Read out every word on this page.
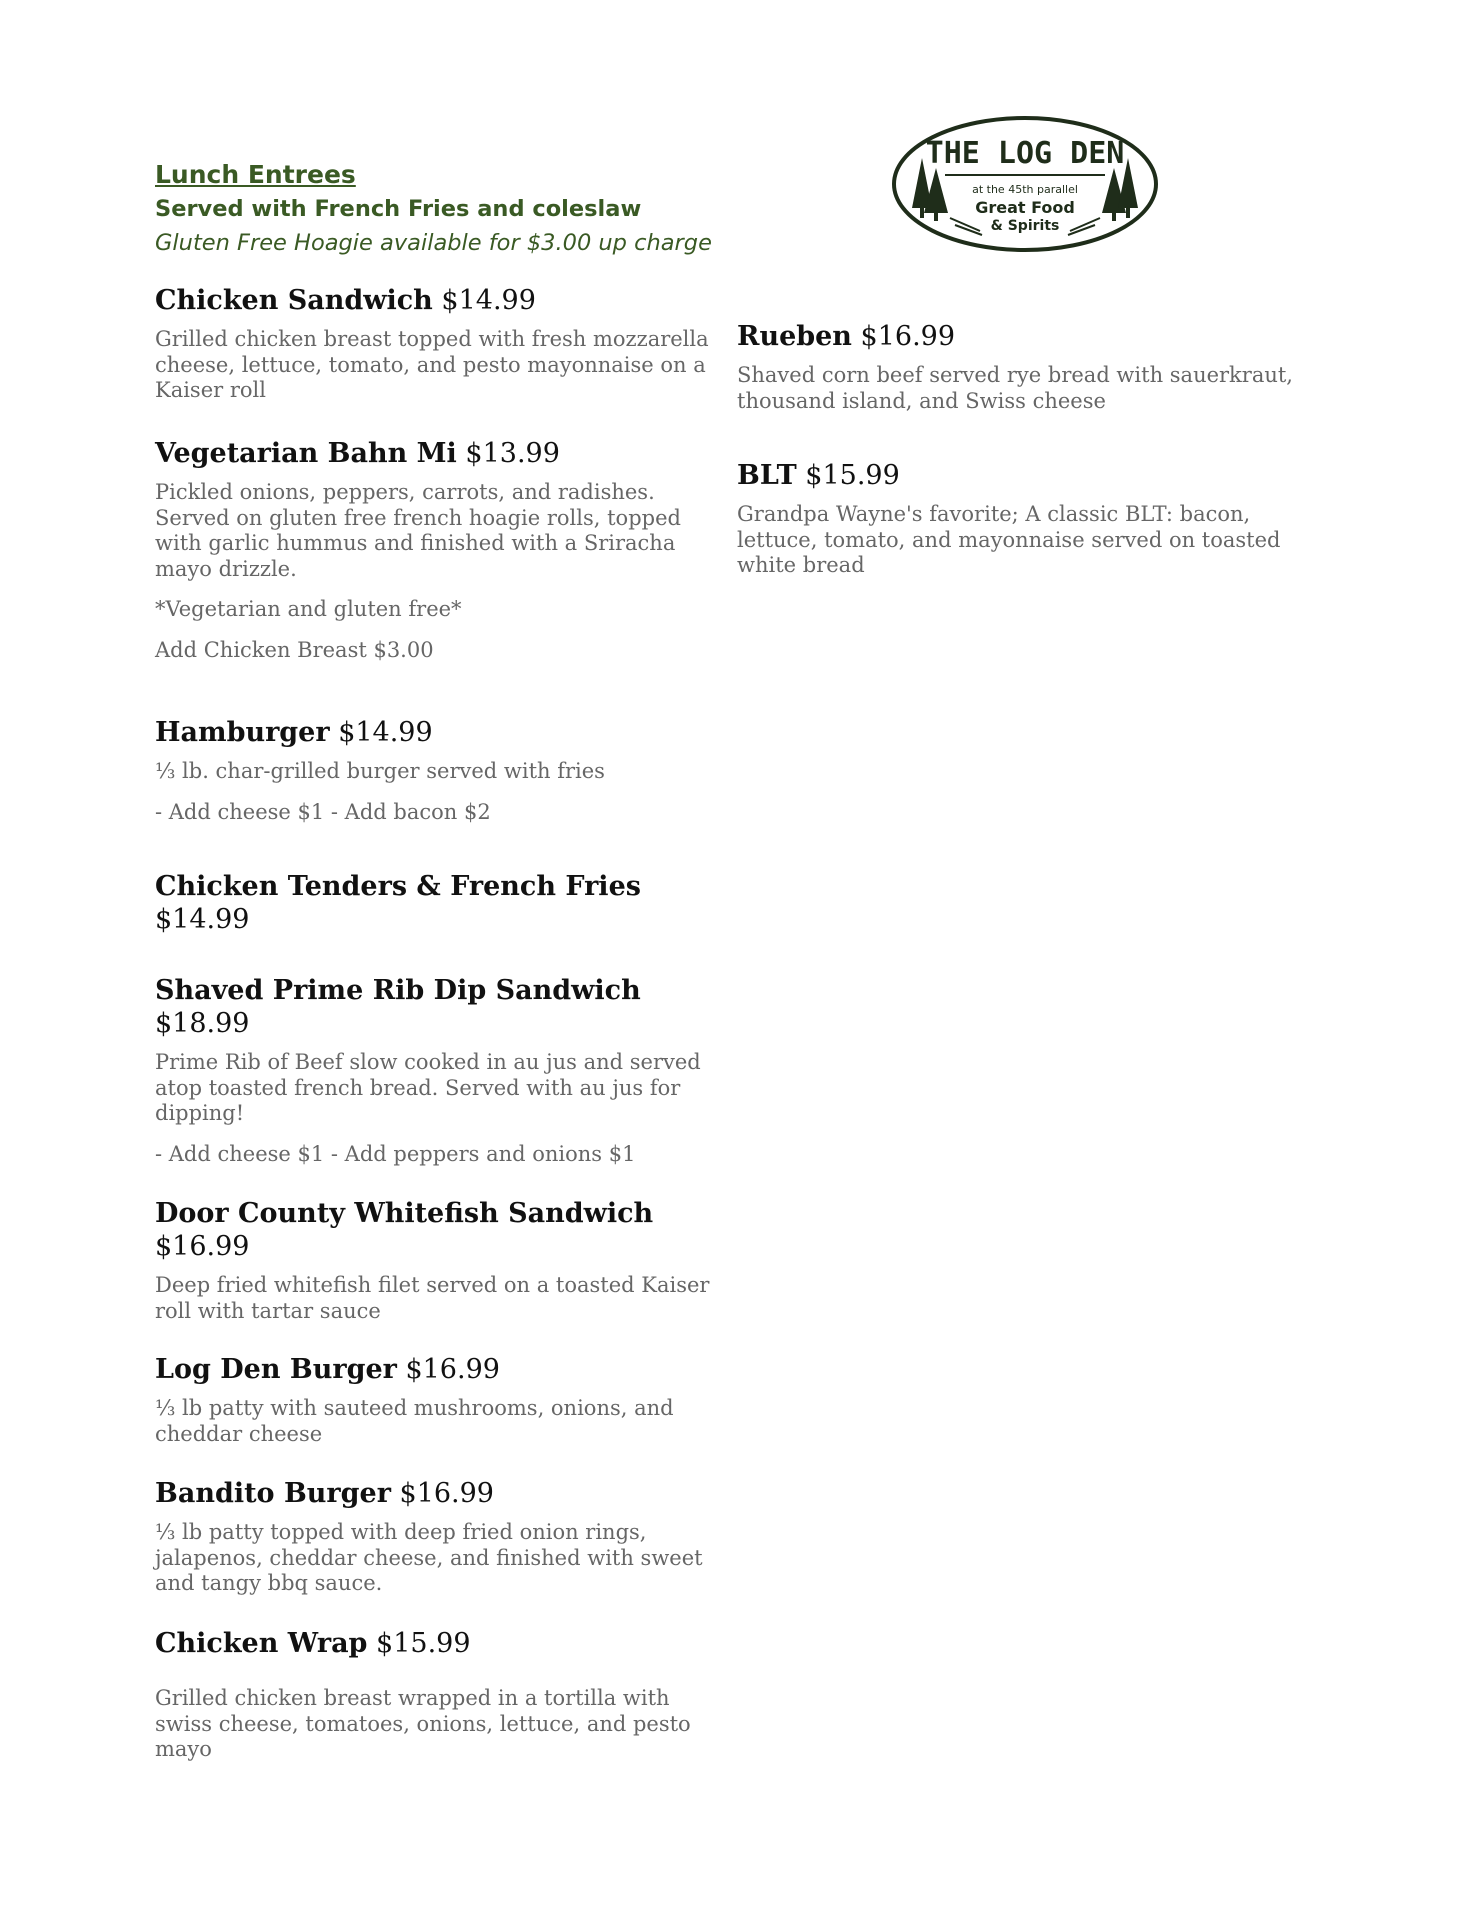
Lunch Entrees

Served with French Fries and coleslaw

Gluten Free Hoagie available for $3.00 up charge

THE LOG DEN
at the 45th parallel
Great Food
& Spirits

Chicken Sandwich $14.99

Grilled chicken breast topped with fresh mozzarella cheese, lettuce, tomato, and pesto mayonnaise on a Kaiser roll

Vegetarian Bahn Mi $13.99

Pickled onions, peppers, carrots, and radishes. Served on gluten free french hoagie rolls, topped with garlic hummus and finished with a Sriracha mayo drizzle.

*Vegetarian and gluten free*

Add Chicken Breast $3.00

Hamburger $14.99

⅓ lb. char-grilled burger served with fries

- Add cheese $1 - Add bacon $2

Chicken Tenders & French Fries
$14.99

Shaved Prime Rib Dip Sandwich
$18.99

Prime Rib of Beef slow cooked in au jus and served atop toasted french bread. Served with au jus for dipping!

- Add cheese $1 - Add peppers and onions $1

Door County Whitefish Sandwich
$16.99

Deep fried whitefish filet served on a toasted Kaiser roll with tartar sauce

Log Den Burger $16.99

⅓ lb patty with sauteed mushrooms, onions, and cheddar cheese

Bandito Burger $16.99

⅓ lb patty topped with deep fried onion rings, jalapenos, cheddar cheese, and finished with sweet and tangy bbq sauce.

Chicken Wrap $15.99

Grilled chicken breast wrapped in a tortilla with swiss cheese, tomatoes, onions, lettuce, and pesto mayo

Rueben $16.99

Shaved corn beef served rye bread with sauerkraut, thousand island, and Swiss cheese

BLT $15.99

Grandpa Wayne's favorite; A classic BLT: bacon, lettuce, tomato, and mayonnaise served on toasted white bread
